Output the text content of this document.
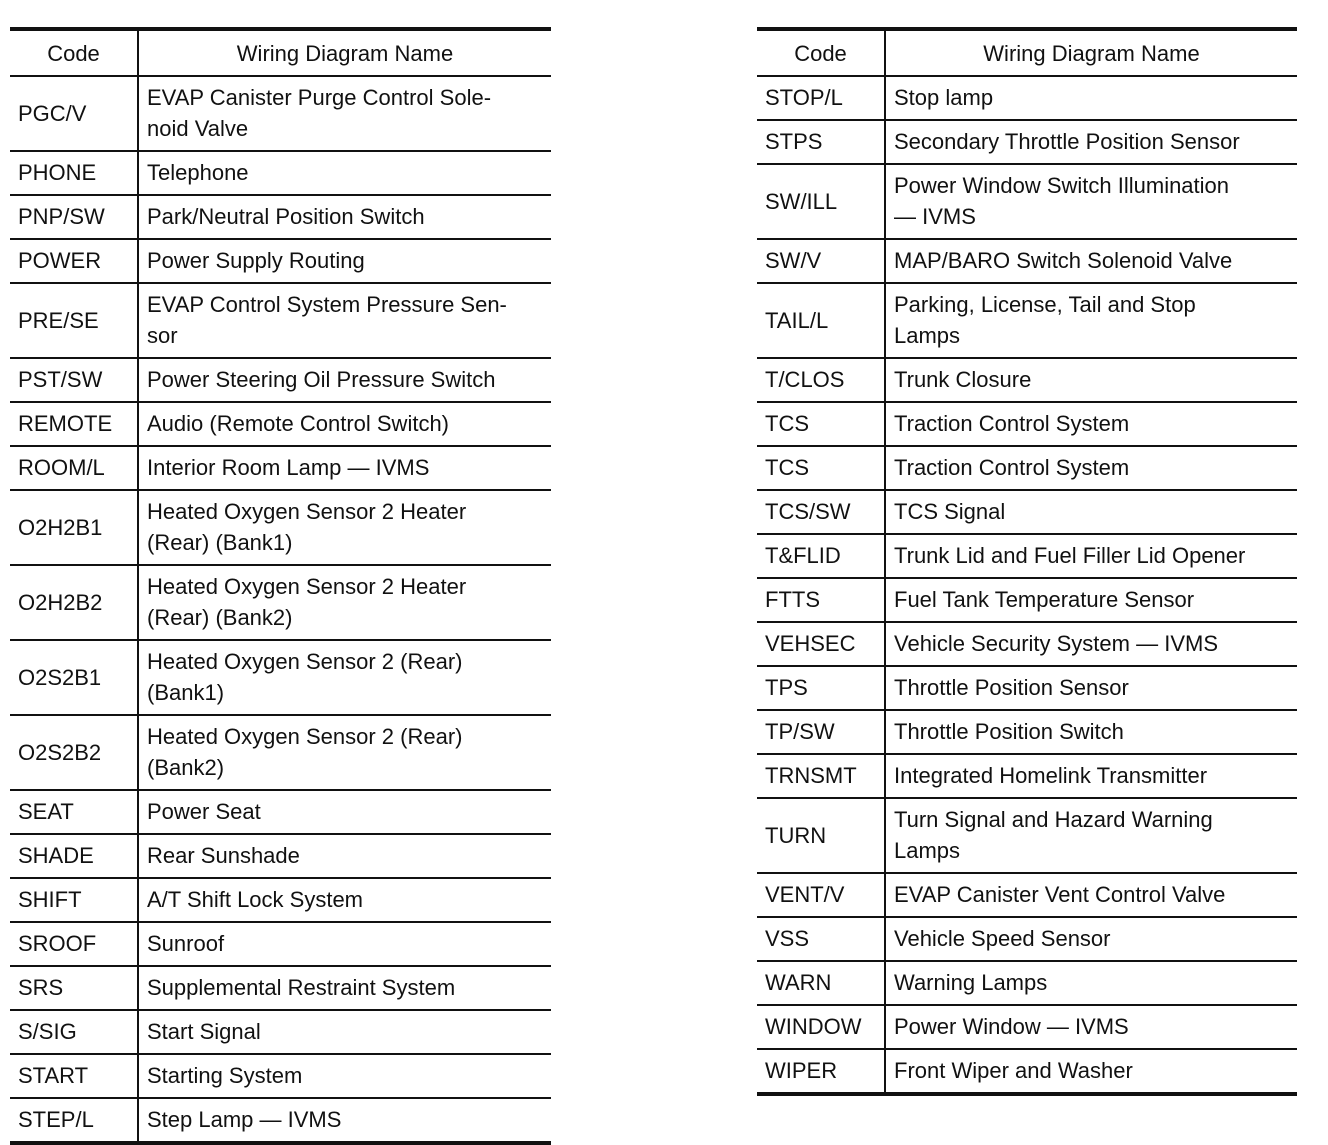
Code	Wiring Diagram Name
PGC/V	EVAP Canister Purge Control Sole-
noid Valve
PHONE	Telephone
PNP/SW	Park/Neutral Position Switch
POWER	Power Supply Routing
PRE/SE	EVAP Control System Pressure Sen-
sor
PST/SW	Power Steering Oil Pressure Switch
REMOTE	Audio (Remote Control Switch)
ROOM/L	Interior Room Lamp — IVMS
O2H2B1	Heated Oxygen Sensor 2 Heater
(Rear) (Bank1)
O2H2B2	Heated Oxygen Sensor 2 Heater
(Rear) (Bank2)
O2S2B1	Heated Oxygen Sensor 2 (Rear)
(Bank1)
O2S2B2	Heated Oxygen Sensor 2 (Rear)
(Bank2)
SEAT	Power Seat
SHADE	Rear Sunshade
SHIFT	A/T Shift Lock System
SROOF	Sunroof
SRS	Supplemental Restraint System
S/SIG	Start Signal
START	Starting System
STEP/L	Step Lamp — IVMS
Code	Wiring Diagram Name
STOP/L	Stop lamp
STPS	Secondary Throttle Position Sensor
SW/ILL	Power Window Switch Illumination
— IVMS
SW/V	MAP/BARO Switch Solenoid Valve
TAIL/L	Parking, License, Tail and Stop
Lamps
T/CLOS	Trunk Closure
TCS	Traction Control System
TCS	Traction Control System
TCS/SW	TCS Signal
T&FLID	Trunk Lid and Fuel Filler Lid Opener
FTTS	Fuel Tank Temperature Sensor
VEHSEC	Vehicle Security System — IVMS
TPS	Throttle Position Sensor
TP/SW	Throttle Position Switch
TRNSMT	Integrated Homelink Transmitter
TURN	Turn Signal and Hazard Warning
Lamps
VENT/V	EVAP Canister Vent Control Valve
VSS	Vehicle Speed Sensor
WARN	Warning Lamps
WINDOW	Power Window — IVMS
WIPER	Front Wiper and Washer
